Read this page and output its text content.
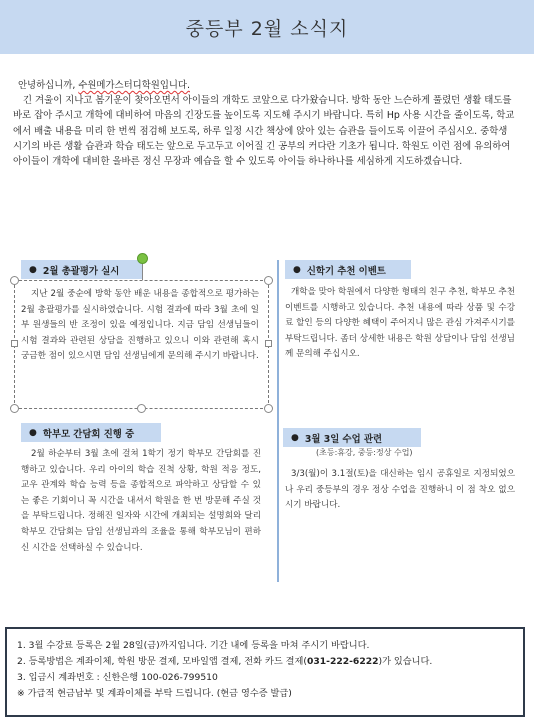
중등부 2월 소식지

안녕하십니까, 수원메가스터디학원입니다.

긴 겨울이 지나고 봄기운이 찾아오면서 아이들의 개학도 코앞으로 다가왔습니다. 방학 동안 느슨하게 풀렸던 생활 태도를 바로 잡아 주시고 개학에 대비하여 마음의 긴장도를 높이도록 지도해 주시기 바랍니다. 특히 Hp 사용 시간을 줄이도록, 학교에서 배출 내용을 미리 한 번씩 점검해 보도록, 하루 일정 시간 책상에 앉아 있는 습관을 들이도록 이끌어 주십시오. 중학생 시기의 바른 생활 습관과 학습 태도는 앞으로 두고두고 이어질 긴 공부의 커다란 기초가 됩니다. 학원도 이런 점에 유의하여 아이들이 개학에 대비한 올바른 정신 무장과 예습을 할 수 있도록 아이들 하나하나를 세심하게 지도하겠습니다.

● 2월 총괄평가 실시

지난 2월 중순에 방학 동안 배운 내용을 종합적으로 평가하는 2월 총괄평가를 실시하였습니다. 시험 결과에 따라 3월 초에 일부 원생들의 반 조정이 있을 예정입니다. 지금 담임 선생님들이 시험 결과와 관련된 상담을 진행하고 있으니 이와 관련해 혹시 궁금한 점이 있으시면 담임 선생님에게 문의해 주시기 바랍니다.

● 신학기 추천 이벤트

개학을 맞아 학원에서 다양한 형태의 친구 추천, 학부모 추천이벤트를 시행하고 있습니다. 추천 내용에 따라 상품 및 수강료 할인 등의 다양한 혜택이 주어지니 많은 관심 가져주시기를 부탁드립니다. 좀더 상세한 내용은 학원 상담이나 담임 선생님께 문의해 주십시오.

● 학부모 간담회 진행 중

2월 하순부터 3월 초에 걸쳐 1학기 정기 학부모 간담회를 진행하고 있습니다. 우리 아이의 학습 진척 상황, 학원 적응 정도, 교우 관계와 학습 능력 등을 종합적으로 파악하고 상담할 수 있는 좋은 기회이니 꼭 시간을 내셔서 학원을 한 번 방문해 주실 것을 부탁드립니다. 정해진 일자와 시간에 개최되는 설명회와 달리 학부모 간담회는 담임 선생님과의 조율을 통해 학부모님이 편하신 시간을 선택하실 수 있습니다.

● 3월 3일 수업 관련
(초등:휴강, 중등:정상 수업)

3/3(월)이 3.1절(토)을 대신하는 임시 공휴일로 지정되었으나 우리 중등부의 경우 정상 수업을 진행하니 이 점 착오 없으시기 바랍니다.

1. 3월 수강료 등록은 2월 28일(금)까지입니다. 기간 내에 등록을 마쳐 주시기 바랍니다.

2. 등록방법은 계좌이체, 학원 방문 결제, 모바일앱 결제, 전화 카드 결제(031-222-6222)가 있습니다.

3. 입금시 계좌번호 : 신한은행 100-026-799510

※ 가급적 현금납부 및 계좌이체를 부탁 드립니다. (현금 영수증 발급)
